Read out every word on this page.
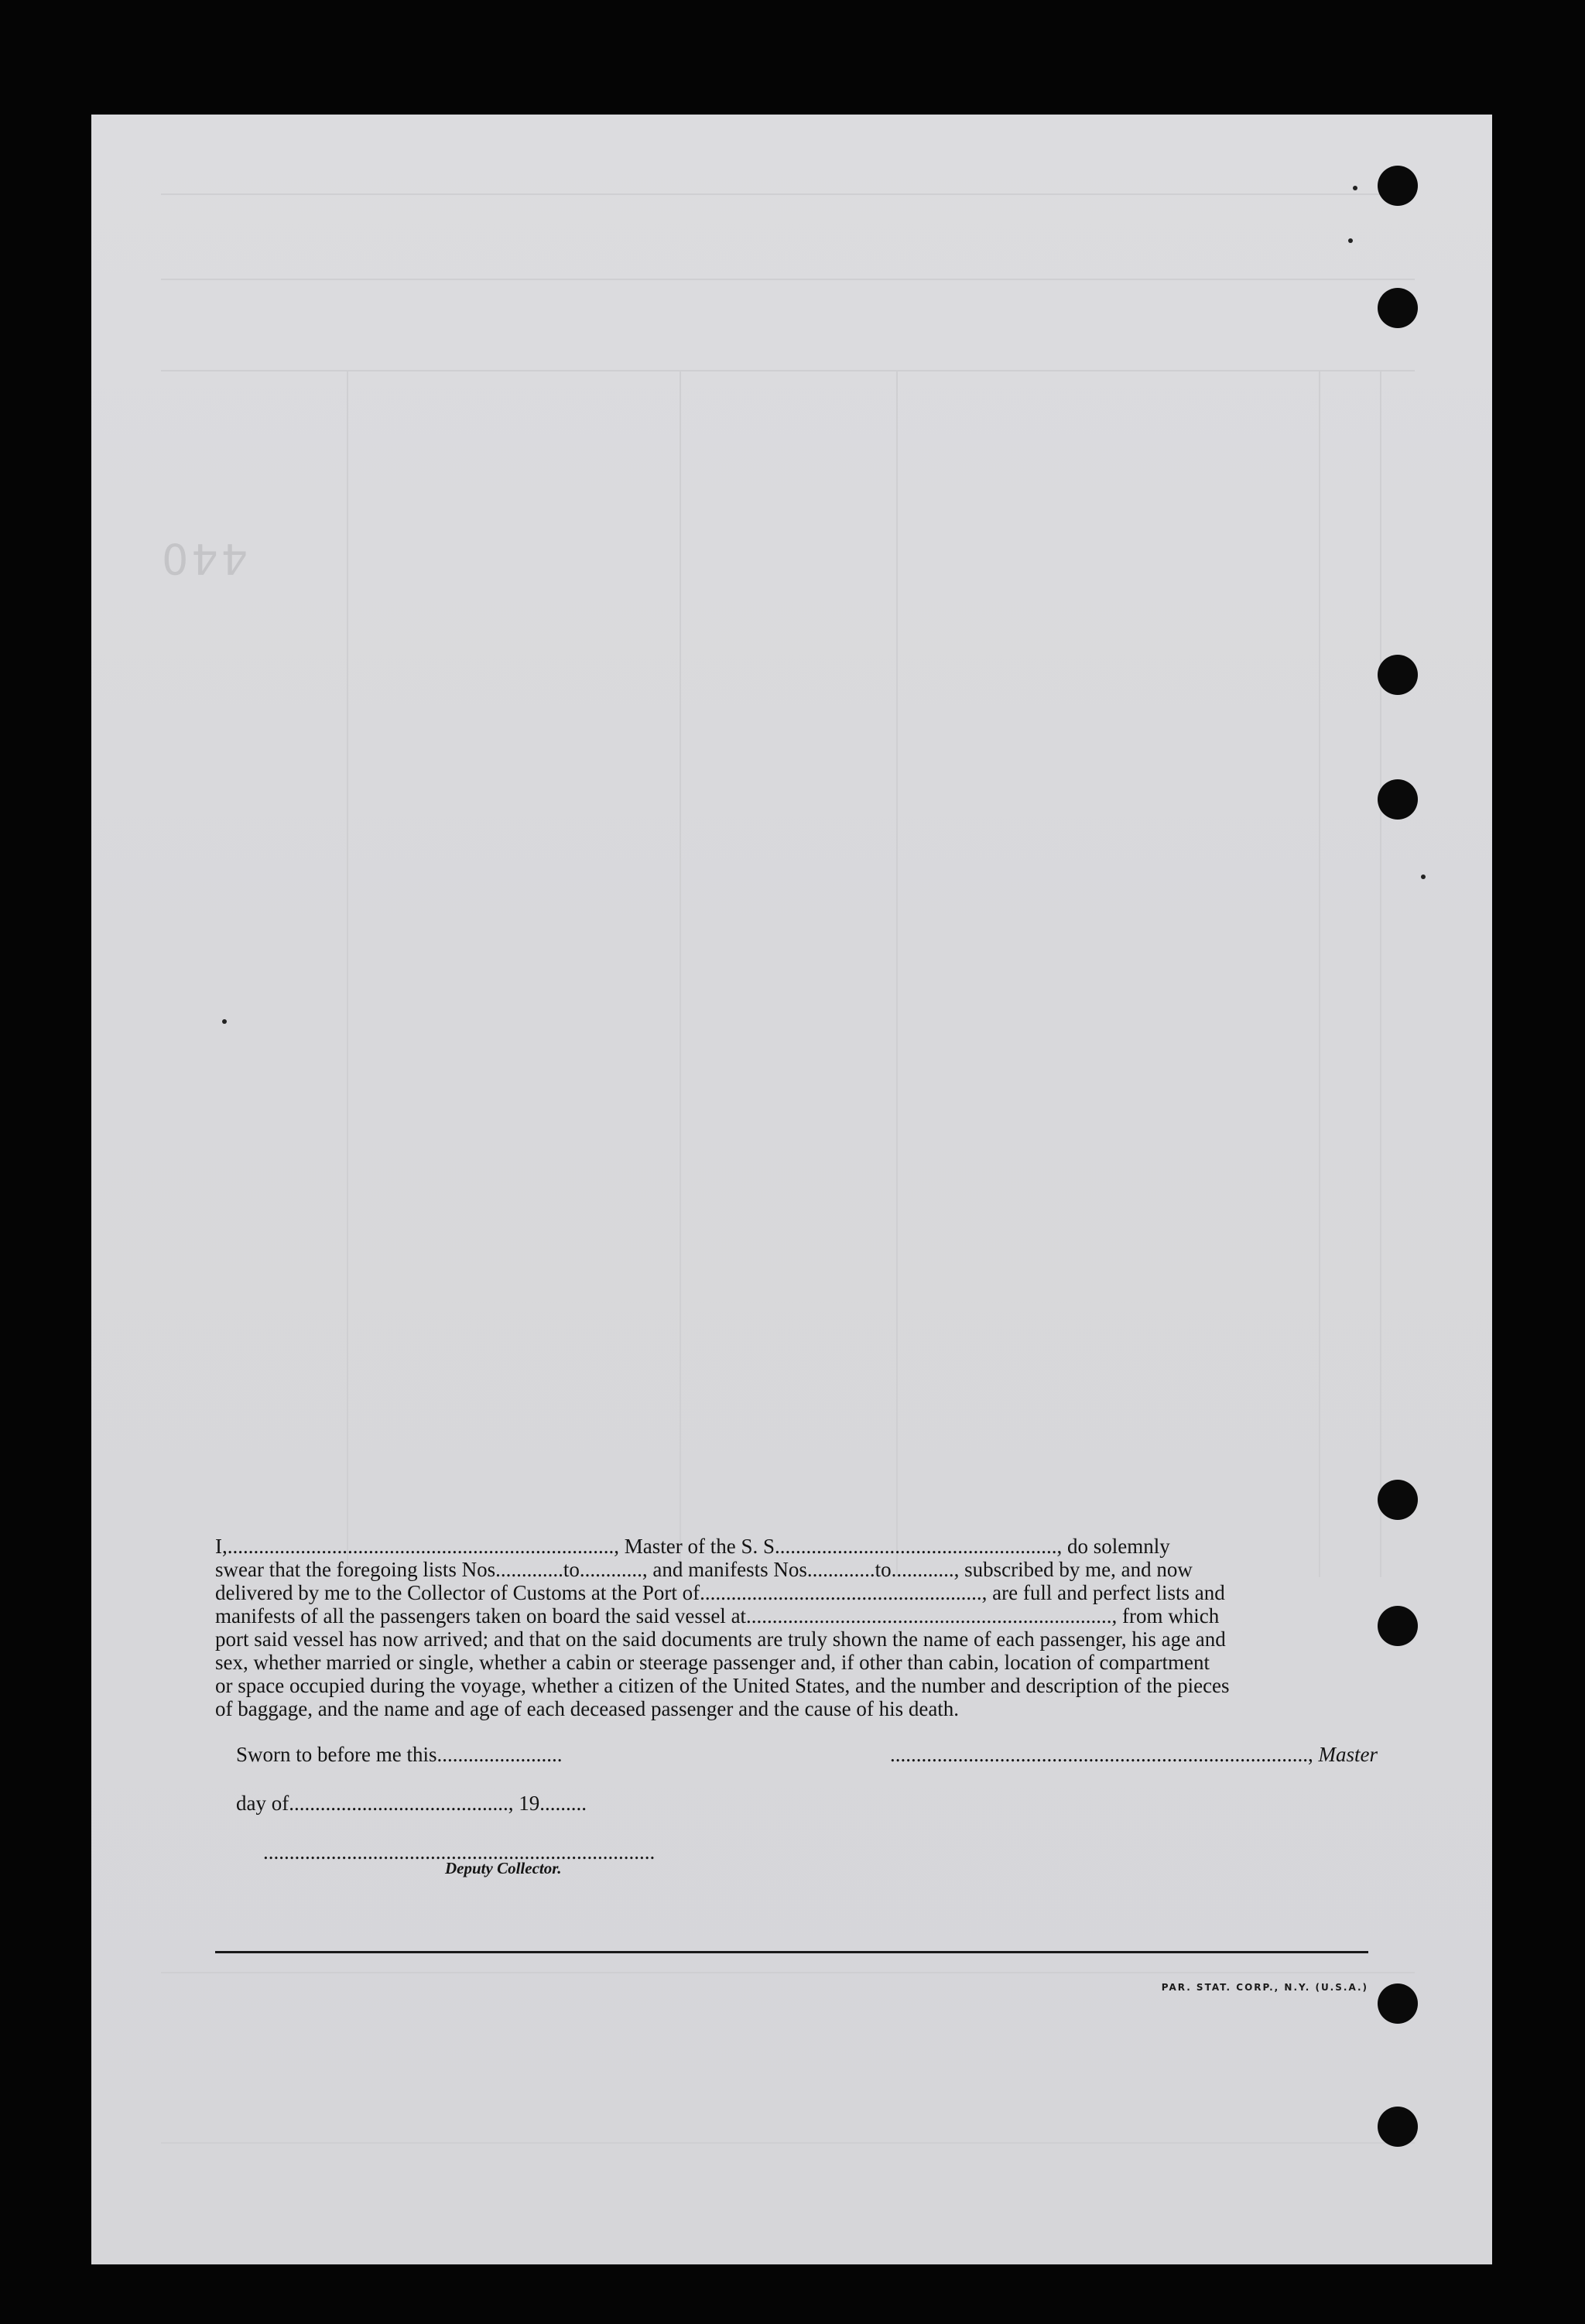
440
I,.........................................................................., Master of the S. S......................................................, do solemnly
swear that the foregoing lists Nos.............to............, and manifests Nos.............to............, subscribed by me, and now
delivered by me to the Collector of Customs at the Port of......................................................, are full and perfect lists and
manifests of all the passengers taken on board the said vessel at......................................................................, from which
port said vessel has now arrived; and that on the said documents are truly shown the name of each passenger, his age and
sex, whether married or single, whether a cabin or steerage passenger and, if other than cabin, location of compartment
or space occupied during the voyage, whether a citizen of the United States, and the number and description of the pieces
of baggage, and the name and age of each deceased passenger and the cause of his death.
Sworn to before me this........................	................................................................................, Master
day of.........................................., 19.........
...........................................................................
Deputy Collector.
PAR. STAT. CORP., N.Y. (U.S.A.)
